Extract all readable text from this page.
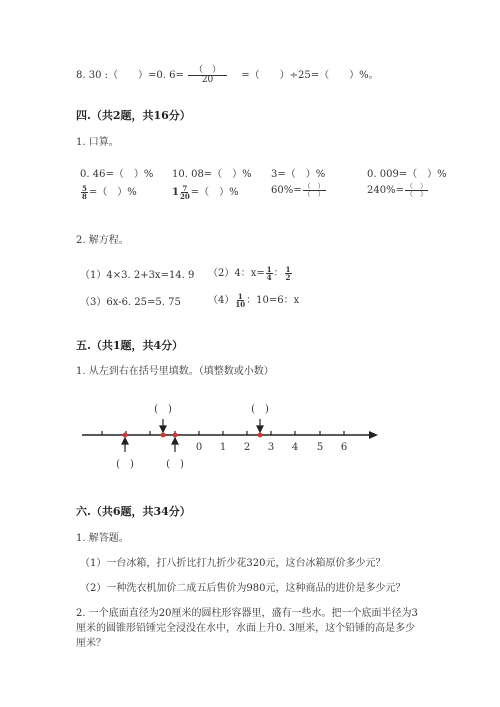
8. 30 :（　　）=0. $6= \frac{( )}{20}$ =（　　）÷25=（　　）%。
四.（共2题，共16分）
1. 口算。
0. 46=（　）% 10. 08=（　）% 3=（　）%	0. 009=（　）%
$\frac{5}{8}$ =（　）%	$1 \frac{7}{20}$ =（　）%	$60\%= \frac{( )}{( )}$	$240\%= \frac{( )}{( )}$
2. 解方程。
（1）4×3. 2+3x=14. 9 （2）4：$x= \frac{1}{4}$ ： $\frac{1}{2}$
（3）6x-6. 25=5. 75	$(4) \frac{1}{10}$ ：10=6：x
五.（共1题，共4分）
1. 从左到右在括号里填数。（填整数或小数）
(　)	(　)
(　)	(　)
0 1 2 3 4 5 6
六.（共6题，共34分）
1. 解答题。
（1）一台冰箱，打八折比打九折少花320元，这台冰箱原价多少元？
（2）一种洗衣机加价二成五后售价为980元，这种商品的进价是多少元？
2. 一个底面直径为20厘米的圆柱形容器里，盛有一些水。把一个底面半径为3
厘米的圆锥形铅锤完全浸没在水中，水面上升0. 3厘米，这个铅锤的高是多少
厘米？
